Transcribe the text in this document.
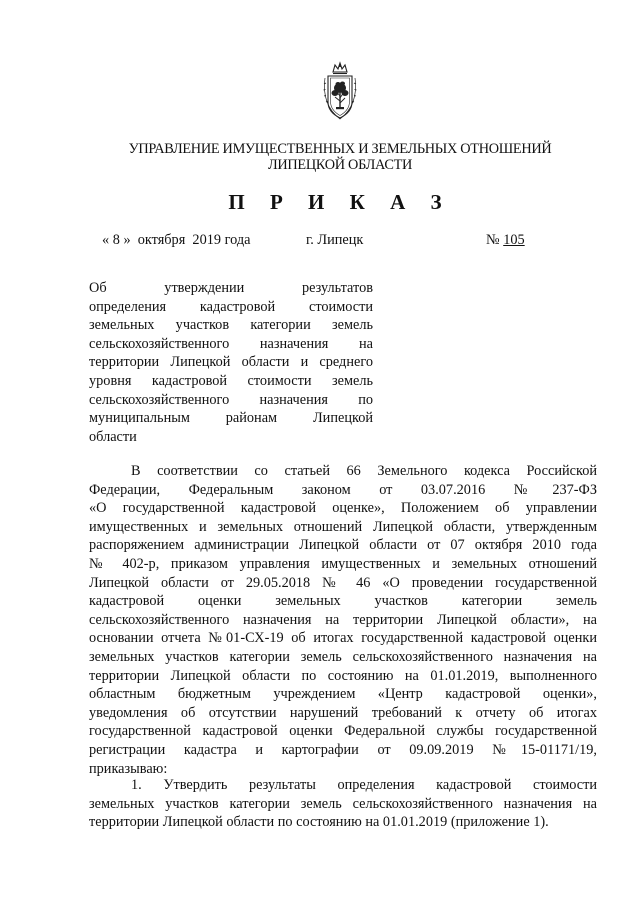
УПРАВЛЕНИЕ ИМУЩЕСТВЕННЫХ И ЗЕМЕЛЬНЫХ ОТНОШЕНИЙ
ЛИПЕЦКОЙ ОБЛАСТИ
П Р И К А З
« 8 »  октября  2019 года	г. Липецк	№ 105
Об утверждении результатов
определения кадастровой стоимости
земельных участков категории земель
сельскохозяйственного назначения на
территории Липецкой области и среднего
уровня кадастровой стоимости земель
сельскохозяйственного назначения по
муниципальным районам Липецкой
области
В соответствии со статьей 66 Земельного кодекса Российской
Федерации, Федеральным законом от 03.07.2016 №237-ФЗ
«О государственной кадастровой оценке», Положением об управлении
имущественных и земельных отношений Липецкой области, утвержденным
распоряжением администрации Липецкой области от 07 октября 2010 года
№ 402-р, приказом управления имущественных и земельных отношений
Липецкой области от 29.05.2018 № 46 «О проведении государственной
кадастровой оценки земельных участков категории земель
сельскохозяйственного назначения на территории Липецкой области», на
основании отчета №01-СХ-19 об итогах государственной кадастровой оценки
земельных участков категории земель сельскохозяйственного назначения на
территории Липецкой области по состоянию на 01.01.2019, выполненного
областным бюджетным учреждением «Центр кадастровой оценки»,
уведомления об отсутствии нарушений требований к отчету об итогах
государственной кадастровой оценки Федеральной службы государственной
регистрации кадастра и картографии от 09.09.2019 №15-01171/19,
приказываю:
1. Утвердить результаты определения кадастровой стоимости
земельных участков категории земель сельскохозяйственного назначения на
территории Липецкой области по состоянию на 01.01.2019 (приложение 1).
